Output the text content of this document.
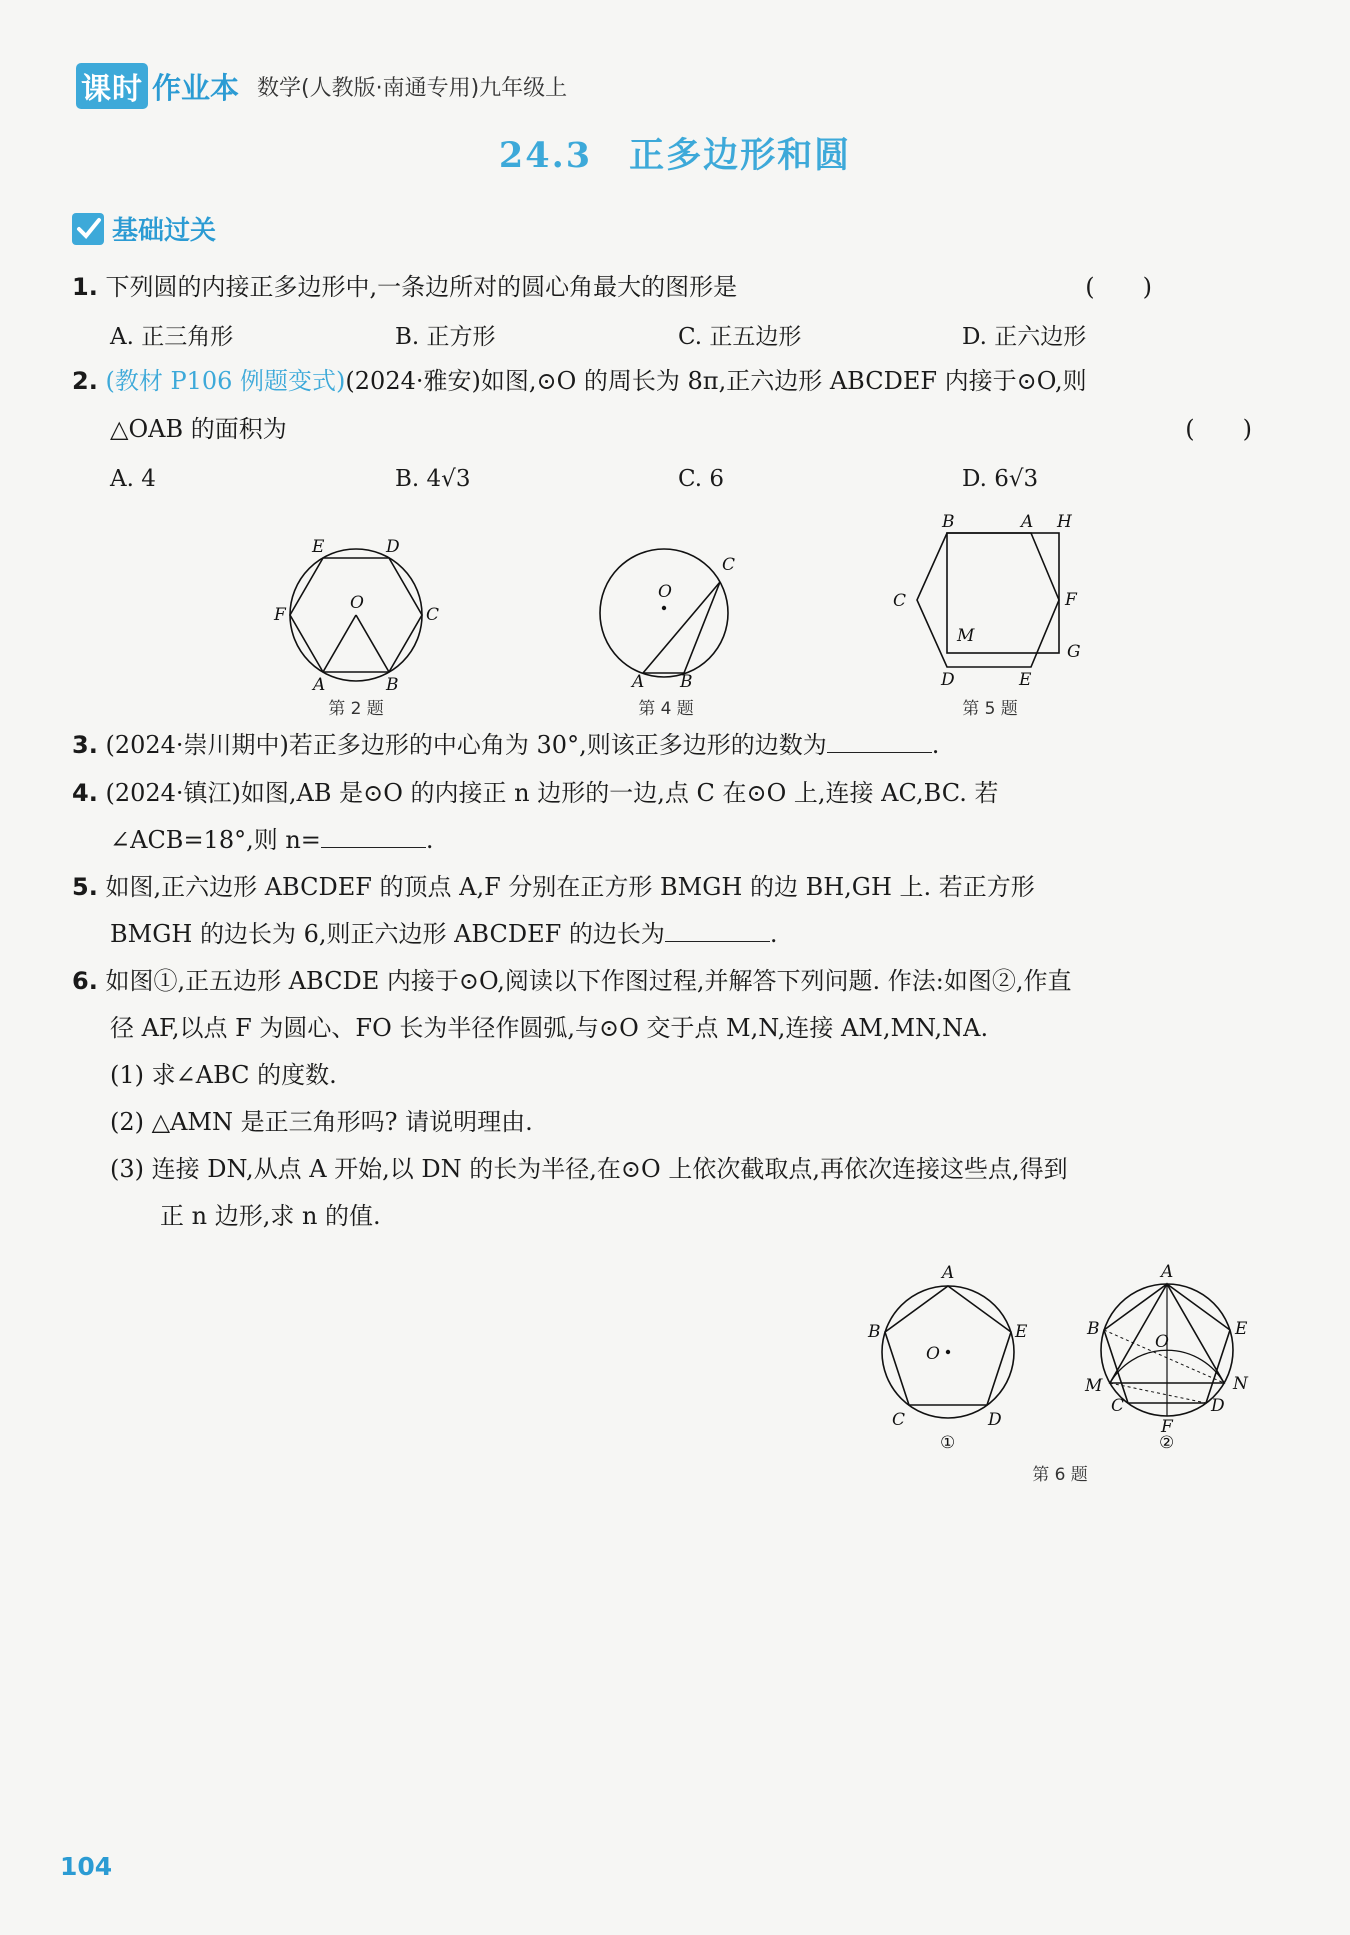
课时 作业本 数学(人教版·南通专用)九年级上
24.3　正多边形和圆
基础过关
1. 下列圆的内接正多边形中,一条边所对的圆心角最大的图形是	(　　)
A. 正三角形	B. 正方形	C. 正五边形	D. 正六边形
2. (教材 P106 例题变式)(2024·雅安)如图,⊙O 的周长为 8π,正六边形 ABCDEF 内接于⊙O,则
△OAB 的面积为	(　　)
A. 4	B. 4√3	C. 6	D. 6√3
E	D
F
O
C
A	B
第 2 题
C
O
A B
第 4 题
B	A H
C	F
M
G
D	E
第 5 题
3. (2024·崇川期中)若正多边形的中心角为 30°,则该正多边形的边数为	.
4. (2024·镇江)如图,AB 是⊙O 的内接正 n 边形的一边,点 C 在⊙O 上,连接 AC,BC. 若
∠ACB=18°,则 n=	.
5. 如图,正六边形 ABCDEF 的顶点 A,F 分别在正方形 BMGH 的边 BH,GH 上. 若正方形
BMGH 的边长为 6,则正六边形 ABCDEF 的边长为	.
6. 如图①,正五边形 ABCDE 内接于⊙O,阅读以下作图过程,并解答下列问题. 作法:如图②,作直
径 AF,以点 F 为圆心、FO 长为半径作圆弧,与⊙O 交于点 M,N,连接 AM,MN,NA.
(1) 求∠ABC 的度数.
(2) △AMN 是正三角形吗? 请说明理由.
(3) 连接 DN,从点 A 开始,以 DN 的长为半径,在⊙O 上依次截取点,再依次连接这些点,得到
正 n 边形,求 n 的值.
A
B	E
O
C	D
①
A
B	E
O
M	N
C	D
F
②
第 6 题
104
